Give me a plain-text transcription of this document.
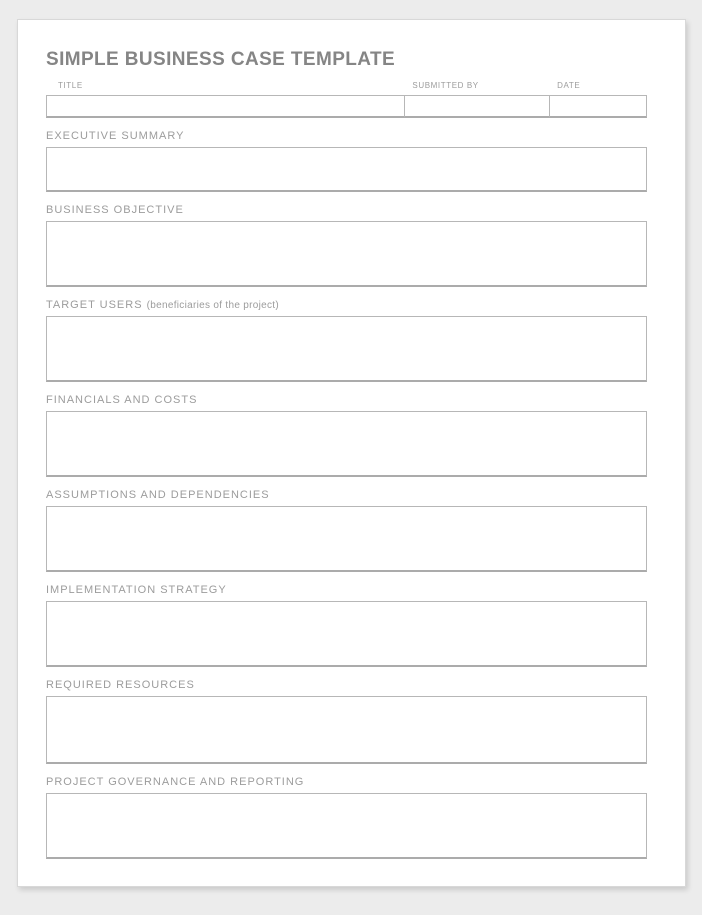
SIMPLE BUSINESS CASE TEMPLATE
TITLE	SUBMITTED BY	DATE
EXECUTIVE SUMMARY
BUSINESS OBJECTIVE
TARGET USERS (beneficiaries of the project)
FINANCIALS AND COSTS
ASSUMPTIONS AND DEPENDENCIES
IMPLEMENTATION STRATEGY
REQUIRED RESOURCES
PROJECT GOVERNANCE AND REPORTING
